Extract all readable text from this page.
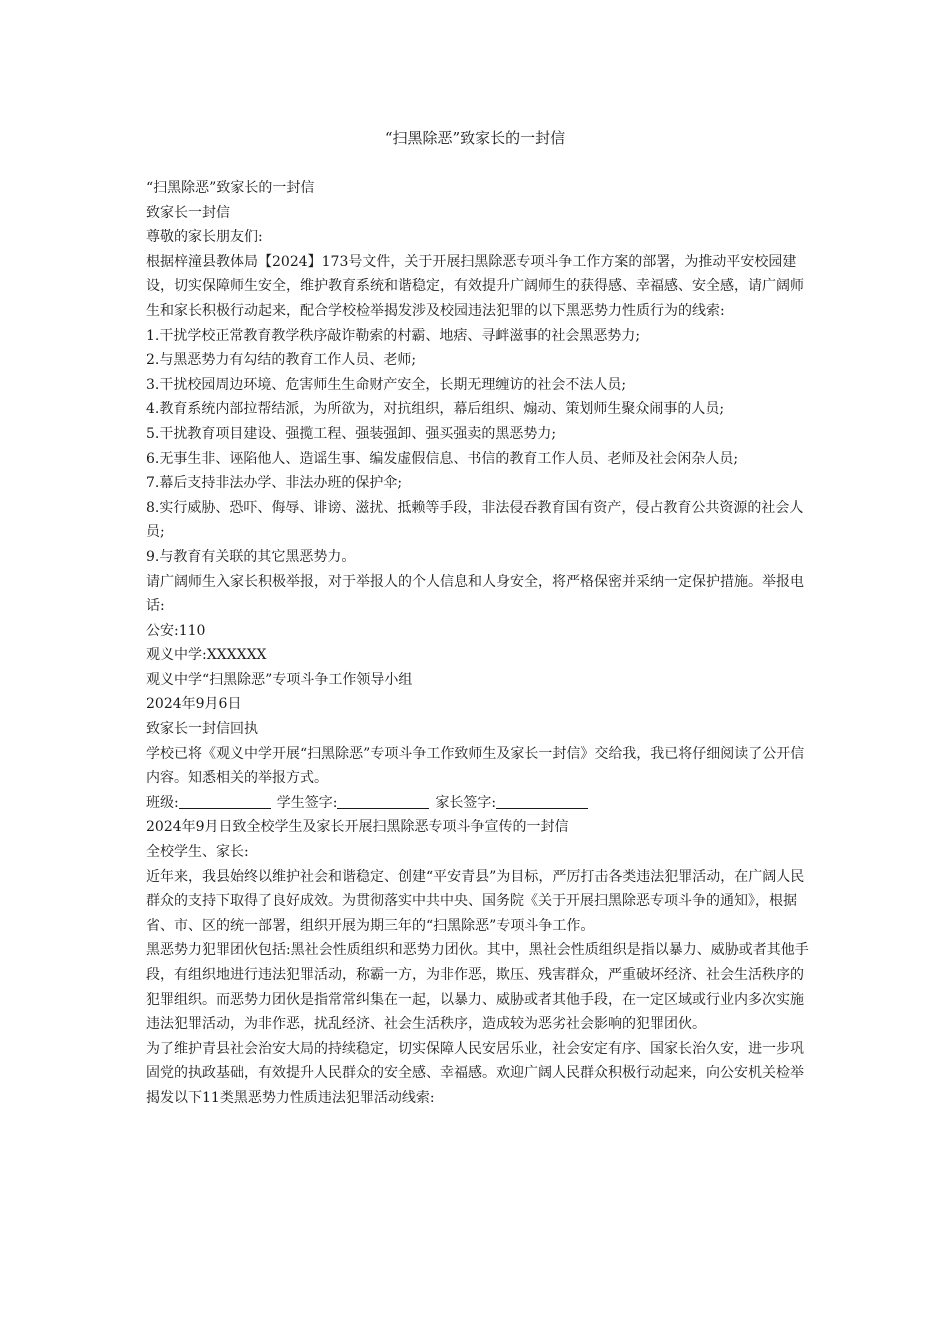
“扫黑除恶”致家长的一封信

“扫黑除恶”致家长的一封信

致家长一封信

尊敬的家长朋友们:

根据梓潼县教体局【2024】173号文件，关于开展扫黑除恶专项斗争工作方案的部署，为推动平安校园建设，切实保障师生安全，维护教育系统和谐稳定，有效提升广阔师生的获得感、幸福感、安全感，请广阔师生和家长积极行动起来，配合学校检举揭发涉及校园违法犯罪的以下黑恶势力性质行为的线索:

1.干扰学校正常教育教学秩序敲诈勒索的村霸、地痞、寻衅滋事的社会黑恶势力;

2.与黑恶势力有勾结的教育工作人员、老师;

3.干扰校园周边环境、危害师生生命财产安全，长期无理缠访的社会不法人员;

4.教育系统内部拉帮结派，为所欲为，对抗组织，幕后组织、煽动、策划师生聚众闹事的人员;

5.干扰教育项目建设、强揽工程、强装强卸、强买强卖的黑恶势力;

6.无事生非、诬陷他人、造谣生事、编发虚假信息、书信的教育工作人员、老师及社会闲杂人员;

7.幕后支持非法办学、非法办班的保护伞;

8.实行威胁、恐吓、侮辱、诽谤、滋扰、抵赖等手段，非法侵吞教育国有资产，侵占教育公共资源的社会人员;

9.与教育有关联的其它黑恶势力。

请广阔师生入家长积极举报，对于举报人的个人信息和人身安全，将严格保密并采纳一定保护措施。举报电话:

公安:110

观义中学:XXXXXX

观义中学“扫黑除恶”专项斗争工作领导小组

2024年9月6日

致家长一封信回执

学校已将《观义中学开展“扫黑除恶”专项斗争工作致师生及家长一封信》交给我，我已将仔细阅读了公开信内容。知悉相关的举报方式。

班级:	学生签字:	家长签字:

2024年9月日致全校学生及家长开展扫黑除恶专项斗争宣传的一封信

全校学生、家长:

近年来，我县始终以维护社会和谐稳定、创建“平安青县”为目标，严厉打击各类违法犯罪活动，在广阔人民群众的支持下取得了良好成效。为贯彻落实中共中央、国务院《关于开展扫黑除恶专项斗争的通知》，根据省、市、区的统一部署，组织开展为期三年的“扫黑除恶”专项斗争工作。

黑恶势力犯罪团伙包括:黑社会性质组织和恶势力团伙。其中，黑社会性质组织是指以暴力、威胁或者其他手段，有组织地进行违法犯罪活动，称霸一方，为非作恶，欺压、残害群众，严重破坏经济、社会生活秩序的犯罪组织。而恶势力团伙是指常常纠集在一起，以暴力、威胁或者其他手段，在一定区域或行业内多次实施违法犯罪活动，为非作恶，扰乱经济、社会生活秩序，造成较为恶劣社会影响的犯罪团伙。

为了维护青县社会治安大局的持续稳定，切实保障人民安居乐业，社会安定有序、国家长治久安，进一步巩固党的执政基础，有效提升人民群众的安全感、幸福感。欢迎广阔人民群众积极行动起来，向公安机关检举揭发以下11类黑恶势力性质违法犯罪活动线索:
